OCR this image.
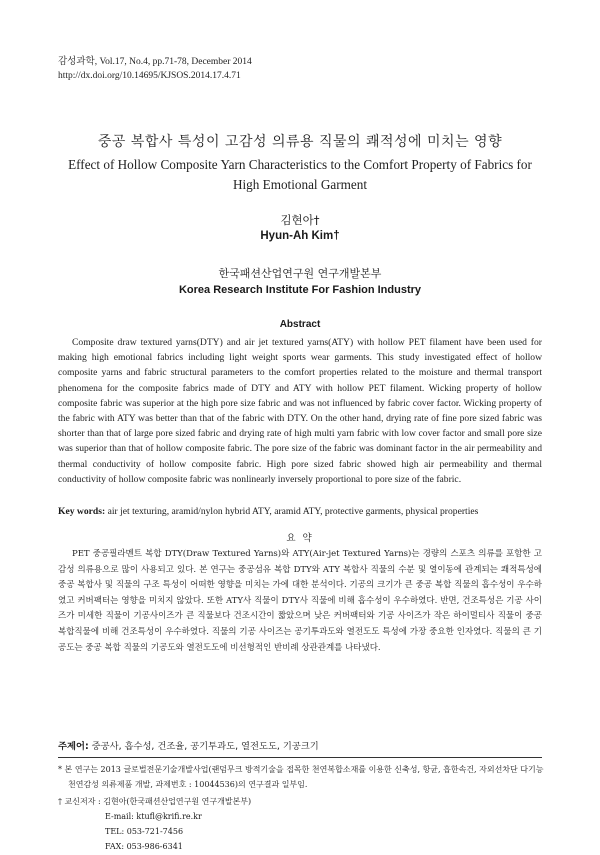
감성과학, Vol.17, No.4, pp.71-78, December 2014
http://dx.doi.org/10.14695/KJSOS.2014.17.4.71
중공 복합사 특성이 고감성 의류용 직물의 쾌적성에 미치는 영향
Effect of Hollow Composite Yarn Characteristics to the Comfort Property of Fabrics for High Emotional Garment
김현아†
Hyun-Ah Kim†
한국패션산업연구원 연구개발본부
Korea Research Institute For Fashion Industry
Abstract

Composite draw textured yarns(DTY) and air jet textured yarns(ATY) with hollow PET filament have been used for making high emotional fabrics including light weight sports wear garments. This study investigated effect of hollow composite yarns and fabric structural parameters to the comfort properties related to the moisture and thermal transport phenomena for the composite fabrics made of DTY and ATY with hollow PET filament. Wicking property of hollow composite fabric was superior at the high pore size fabric and was not influenced by fabric cover factor. Wicking property of the fabric with ATY was better than that of the fabric with DTY. On the other hand, drying rate of fine pore sized fabric was shorter than that of large pore sized fabric and drying rate of high multi yarn fabric with low cover factor and small pore size was superior than that of hollow composite fabric. The pore size of the fabric was dominant factor in the air permeability and thermal conductivity of hollow composite fabric. High pore sized fabric showed high air permeability and thermal conductivity of hollow composite fabric was nonlinearly inversely proportional to pore size of the fabric.

Key words: air jet texturing, aramid/nylon hybrid ATY, aramid ATY, protective garments, physical properties
요 약

PET 중공필라멘트 복합 DTY(Draw Textured Yarns)와 ATY(Air-jet Textured Yarns)는 경량의 스포츠 의류를 포함한 고감성 의류용으로 많이 사용되고 있다. 본 연구는 중공섬유 복합 DTY와 ATY 복합사 직물의 수분 및 열이동에 관계되는 쾌적특성에 중공 복합사 및 직물의 구조 특성이 어떠한 영향을 미치는 가에 대한 분석이다. 기공의 크기가 큰 중공 복합 직물의 흡수성이 우수하였고 커버팩터는 영향을 미치지 않았다. 또한 ATY사 직물이 DTY사 직물에 비해 흡수성이 우수하였다. 반면, 건조특성은 기공 사이즈가 미세한 직물이 기공사이즈가 큰 직물보다 건조시간이 짧았으며 낮은 커버팩터와 기공 사이즈가 작은 하이멀티사 직물이 중공 복합직물에 비해 건조특성이 우수하였다. 직물의 기공 사이즈는 공기투과도와 열전도도 특성에 가장 중요한 인자였다. 직물의 큰 기공도는 중공 복합 직물의 기공도와 열전도도에 비선형적인 반비례 상관관계를 나타냈다.

주제어: 중공사, 흡수성, 건조율, 공기투과도, 열전도도, 기공크기
* 본 연구는 2013 글로벌전문기술개발사업(랜덤무크 방적기술을 접목한 천연복합소재를 이용한 신축성, 항균, 흡한속건, 자외선차단 다기능 천연감성 의류제품 개발, 과제번호 : 10044536)의 연구결과 일부임.
† 교신저자 : 김현아(한국패션산업연구원 연구개발본부)
E-mail: ktufl@krifi.re.kr
TEL: 053-721-7456
FAX: 053-986-6341
